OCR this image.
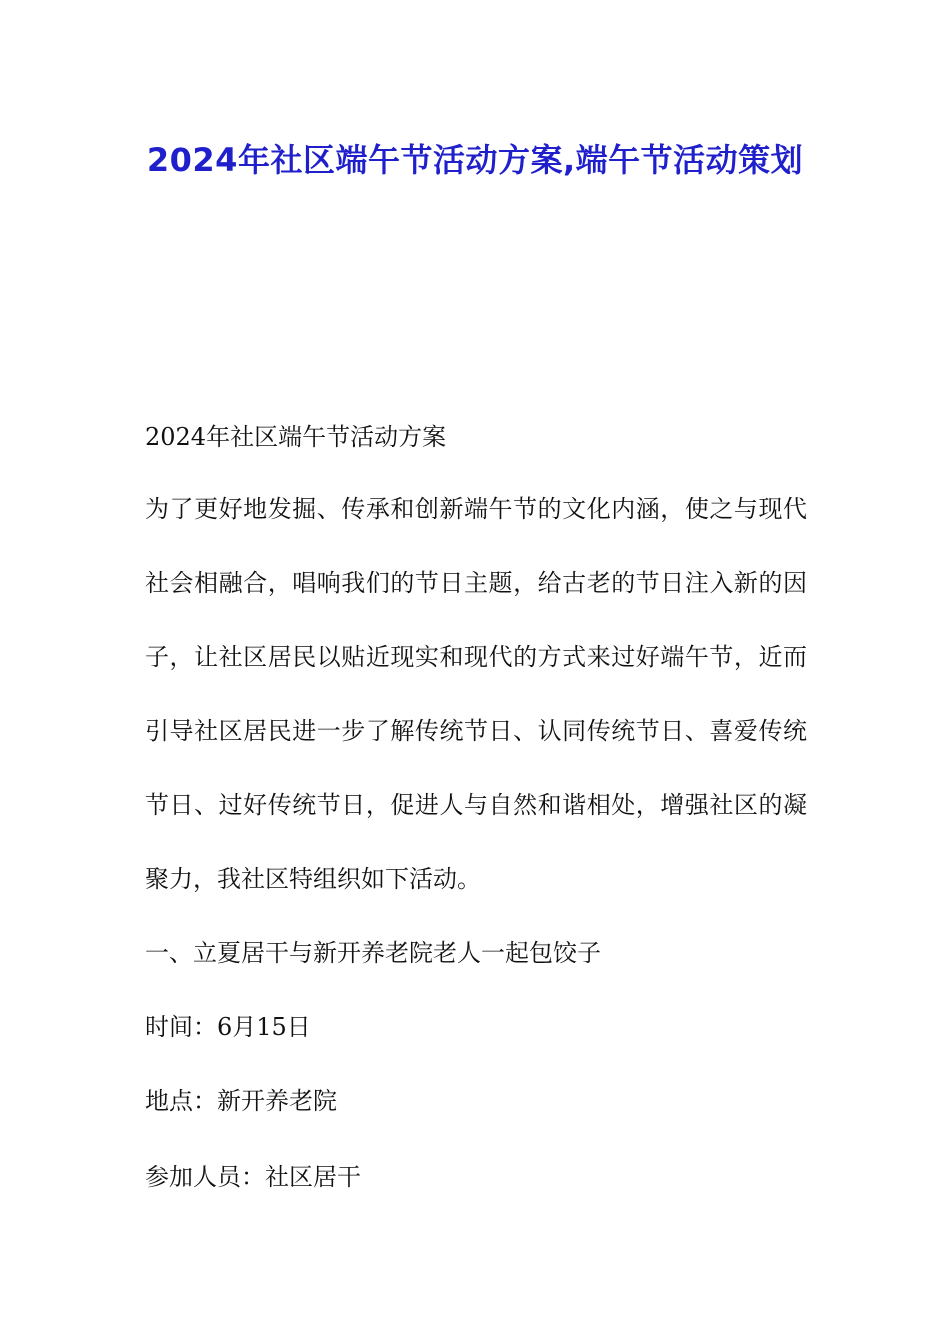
2024年社区端午节活动方案,端午节活动策划

2024年社区端午节活动方案

为了更好地发掘、传承和创新端午节的文化内涵，使之与现代社会相融合，唱响我们的节日主题，给古老的节日注入新的因子，让社区居民以贴近现实和现代的方式来过好端午节，近而引导社区居民进一步了解传统节日、认同传统节日、喜爱传统节日、过好传统节日，促进人与自然和谐相处，增强社区的凝聚力，我社区特组织如下活动。

一、立夏居干与新开养老院老人一起包饺子

时间：6月15日

地点：新开养老院

参加人员：社区居干
